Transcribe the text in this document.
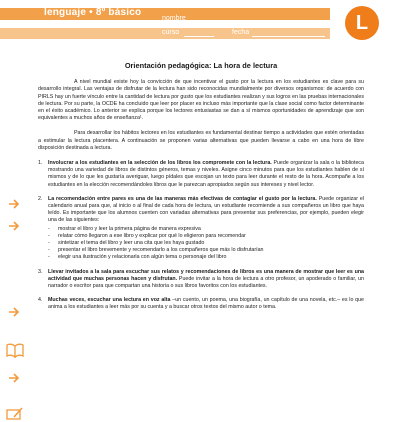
lenguaje • 8º básico
nombre
curso	fecha	L
Orientación pedagógica: La hora de lectura

A nivel mundial existe hoy la convicción de que incentivar el gusto por la lectura en los estudiantes es clave para su desarrollo integral. Las ventajas de disfrutar de la lectura han sido reconocidas mundialmente por diversos organismos: de acuerdo con PIRLS hay un fuerte vínculo entre la cantidad de lectura por gusto que los estudiantes realizan y sus logros en las pruebas internacionales de lectura. Por su parte, la OCDE ha concluido que leer por placer es incluso más importante que la clase social como factor determinante en el éxito académico. Lo anterior se explica porque los lectores entusiastas se dan a sí mismos oportunidades de aprendizaje que son equivalentes a muchos años de enseñanza¹.

Para desarrollar los hábitos lectores en los estudiantes es fundamental destinar tiempo a actividades que estén orientadas a estimular la lectura placentera. A continuación se proponen varias alternativas que pueden llevarse a cabo en una hora de libre disposición destinada a lectura.

1. Involucrar a los estudiantes en la selección de los libros los compromete con la lectura. Puede organizar la sala o la biblioteca mostrando una variedad de libros de distintos géneros, temas y niveles. Asigne cinco minutos para que los estudiantes hablen de sí mismos y de lo que les gustaría averiguar, luego pídales que escojan un texto para leer durante el resto de la hora. Acompañe a los estudiantes en la elección recomendándoles libros que le parezcan apropiados según sus intereses y nivel lector.
2. La recomendación entre pares es una de las maneras más efectivas de contagiar el gusto por la lectura. Puede organizar el calendario anual para que, al inicio o al final de cada hora de lectura, un estudiante recomiende a sus compañeros un libro que haya leído. Es importante que los alumnos cuenten con variadas alternativas para presentar sus preferencias, por ejemplo, pueden elegir una de las siguientes:
- mostrar el libro y leer la primera página de manera expresiva
- relatar cómo llegaron a ese libro y explicar por qué lo eligieron para recomendar
- sintetizar el tema del libro y leer una cita que les haya gustado
- presentar el libro brevemente y recomendarlo a los compañeros que más lo disfrutarían
- elegir una ilustración y relacionarla con algún tema o personaje del libro
3. Llevar invitados a la sala para escuchar sus relatos y recomendaciones de libros es una manera de mostrar que leer es una actividad que muchas personas hacen y disfrutan. Puede invitar a la hora de lectura a otro profesor, un apoderado o familiar, un narrador o escritor para que compartan una historia o sus libros favoritos con los estudiantes.
4. Muchas veces, escuchar una lectura en voz alta –un cuento, un poema, una biografía, un capítulo de una novela, etc.– es lo que anima a los estudiantes a leer más por su cuenta y a buscar otros textos del mismo autor o tema.
